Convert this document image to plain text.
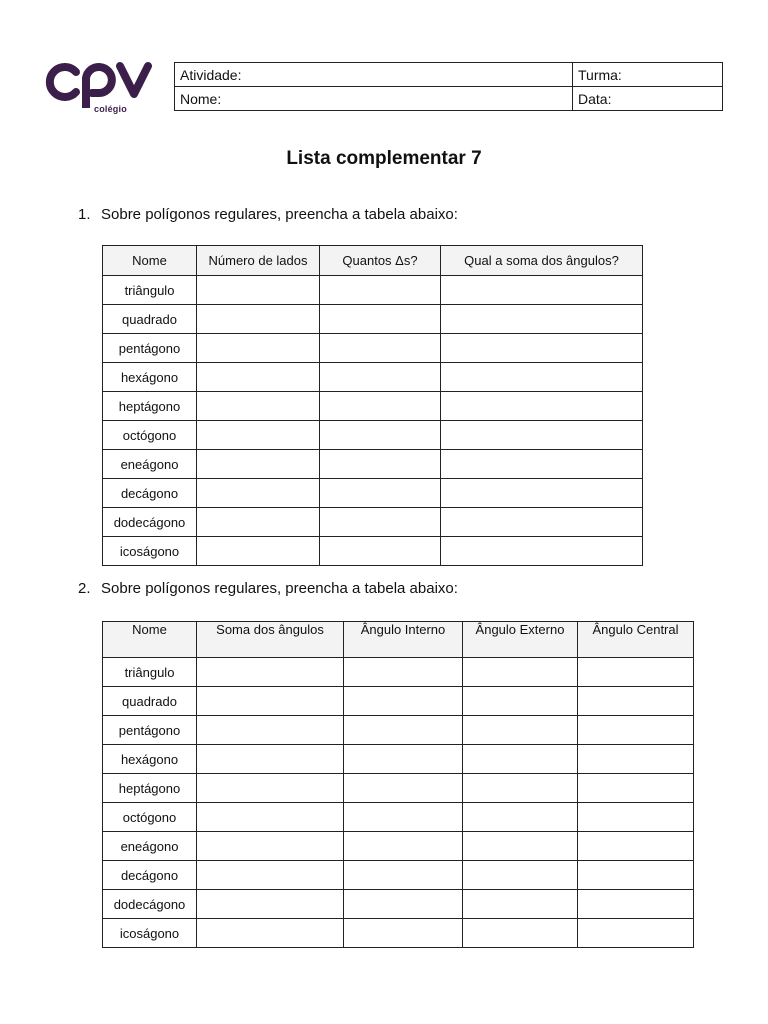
colégio
Atividade:	Turma:
Nome:	Data:
Lista complementar 7
1. Sobre polígonos regulares, preencha a tabela abaixo:
Nome	Número de lados	Quantos Δs?	Qual a soma dos ângulos?
triângulo			
quadrado			
pentágono			
hexágono			
heptágono			
octógono			
eneágono			
decágono			
dodecágono			
icoságono			
2. Sobre polígonos regulares, preencha a tabela abaixo:
Nome	Soma dos ângulos	Ângulo Interno	Ângulo Externo	Ângulo Central
triângulo				
quadrado				
pentágono				
hexágono				
heptágono				
octógono				
eneágono				
decágono				
dodecágono				
icoságono				
